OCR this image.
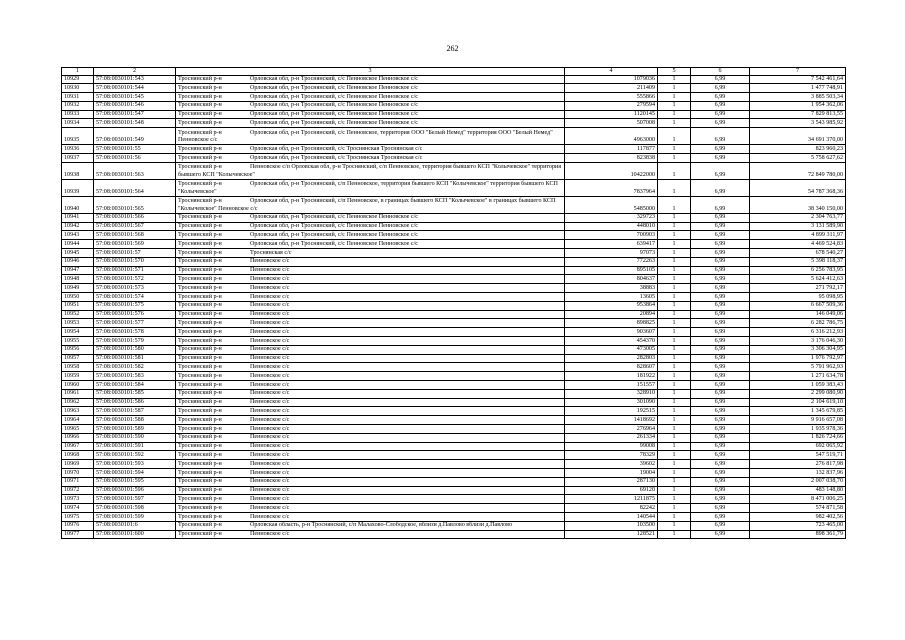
262
1	2	3	4	5	6	7
10929	57:08:0030101:543	Троснянский р-н Орловская обл, р-н Троснянский, с/с Пенновское Пенновское с/с	1079036	1	6,99	7 542 461,64
10930	57:08:0030101:544	Троснянский р-н Орловская обл, р-н Троснянский, с/с Пенновское Пенновское с/с	211409	1	6,99	1 477 748,91
10931	57:08:0030101:545	Троснянский р-н Орловская обл, р-н Троснянский, с/с Пенновское Пенновское с/с	555866	1	6,99	3 885 503,34
10932	57:08:0030101:546	Троснянский р-н Орловская обл, р-н Троснянский, с/с Пенновское Пенновское с/с	279594	1	6,99	1 954 362,06
10933	57:08:0030101:547	Троснянский р-н Орловская обл, р-н Троснянский, с/с Пенновское Пенновское с/с	1120145	1	6,99	7 829 813,55
10934	57:08:0030101:548	Троснянский р-н Орловская обл, р-н Троснянский, с/с Пенновское Пенновское с/с	507008	1	6,99	3 543 985,92
10935	57:08:0030101:549	Троснянский р-н Орловская обл, р-н Троснянский, с/с Пенновское, территория ООО "Белый Немед" территория ООО "Белый Немед" Пенновское с/с	4963000	1	6,99	34 691 370,00
10936	57:08:0030101:55	Троснянский р-н Орловская обл, р-н Троснянский, с/с Троснянская Троснянская с/с	117877	1	6,99	823 960,23
10937	57:08:0030101:56	Троснянский р-н Орловская обл, р-н Троснянский, с/с Троснянская Троснянская с/с	823838	1	6,99	5 758 627,62
10938	57:08:0030101:563	Троснянский р-н Пенновское с/п Орловская обл, р-н Троснянский, с/п Пенновское, территория бывшего КСП "Колычевское" территория бывшего КСП "Колычевское"	10422000	1	6,99	72 849 780,00
10939	57:08:0030101:564	Троснянский р-н Орловская обл, р-н Троснянский, с/п Пенновское, территория бывшего КСП "Колычевское" территория бывшего КСП "Колычевское"	7837964	1	6,99	54 787 368,36
10940	57:08:0030101:565	Троснянский р-н Орловская обл, р-н Троснянский, с/п Пенновское, в границах бывшего КСП "Колычевское" в границах бывшего КСП "Колычевское" Пенновское с/с	5485000	1	6,99	38 340 150,00
10941	57:08:0030101:566	Троснянский р-н Орловская обл, р-н Троснянский, с/с Пенновское Пенновское с/с	329723	1	6,99	2 304 763,77
10942	57:08:0030101:567	Троснянский р-н Орловская обл, р-н Троснянский, с/с Пенновское Пенновское с/с	448010	1	6,99	3 131 589,90
10943	57:08:0030101:568	Троснянский р-н Орловская обл, р-н Троснянский, с/с Пенновское Пенновское с/с	700903	1	6,99	4 899 311,97
10944	57:08:0030101:569	Троснянский р-н Орловская обл, р-н Троснянский, с/с Пенновское Пенновское с/с	639417	1	6,99	4 469 524,83
10945	57:08:0030101:57	Троснянский р-н Троснянская с/с	97073	1	6,99	678 540,27
10946	57:08:0030101:570	Троснянский р-н Пенновское с/с	772263	1	6,99	5 398 118,37
10947	57:08:0030101:571	Троснянский р-н Пенновское с/с	895105	1	6,99	6 256 783,95
10948	57:08:0030101:572	Троснянский р-н Пенновское с/с	804637	1	6,99	5 624 412,63
10949	57:08:0030101:573	Троснянский р-н Пенновское с/с	38883	1	6,99	271 792,17
10950	57:08:0030101:574	Троснянский р-н Пенновское с/с	13605	1	6,99	95 098,95
10951	57:08:0030101:575	Троснянский р-н Пенновское с/с	953864	1	6,99	6 667 509,36
10952	57:08:0030101:576	Троснянский р-н Пенновское с/с	20894	1	6,99	146 049,06
10953	57:08:0030101:577	Троснянский р-н Пенновское с/с	898825	1	6,99	6 282 786,75
10954	57:08:0030101:578	Троснянский р-н Пенновское с/с	903607	1	6,99	6 316 212,93
10955	57:08:0030101:579	Троснянский р-н Пенновское с/с	454370	1	6,99	3 176 046,30
10956	57:08:0030101:580	Троснянский р-н Пенновское с/с	473005	1	6,99	3 306 304,95
10957	57:08:0030101:581	Троснянский р-н Пенновское с/с	282803	1	6,99	1 976 792,97
10958	57:08:0030101:582	Троснянский р-н Пенновское с/с	828607	1	6,99	5 791 962,93
10959	57:08:0030101:583	Троснянский р-н Пенновское с/с	181922	1	6,99	1 271 634,78
10960	57:08:0030101:584	Троснянский р-н Пенновское с/с	151557	1	6,99	1 059 383,43
10961	57:08:0030101:585	Троснянский р-н Пенновское с/с	328910	1	6,99	2 299 080,90
10962	57:08:0030101:586	Троснянский р-н Пенновское с/с	301090	1	6,99	2 104 619,10
10963	57:08:0030101:587	Троснянский р-н Пенновское с/с	192515	1	6,99	1 345 679,85
10964	57:08:0030101:588	Троснянский р-н Пенновское с/с	1418692	1	6,99	9 916 657,08
10965	57:08:0030101:589	Троснянский р-н Пенновское с/с	276964	1	6,99	1 935 978,36
10966	57:08:0030101:590	Троснянский р-н Пенновское с/с	261334	1	6,99	1 826 724,66
10967	57:08:0030101:591	Троснянский р-н Пенновское с/с	99008	1	6,99	692 065,92
10968	57:08:0030101:592	Троснянский р-н Пенновское с/с	78329	1	6,99	547 519,71
10969	57:08:0030101:593	Троснянский р-н Пенновское с/с	39602	1	6,99	276 817,98
10970	57:08:0030101:594	Троснянский р-н Пенновское с/с	19004	1	6,99	132 837,96
10971	57:08:0030101:595	Троснянский р-н Пенновское с/с	287130	1	6,99	2 007 038,70
10972	57:08:0030101:596	Троснянский р-н Пенновское с/с	69120	1	6,99	483 148,80
10973	57:08:0030101:597	Троснянский р-н Пенновское с/с	1211875	1	6,99	8 471 006,25
10974	57:08:0030101:598	Троснянский р-н Пенновское с/с	82242	1	6,99	574 871,58
10975	57:08:0030101:599	Троснянский р-н Пенновское с/с	140544	1	6,99	982 402,56
10976	57:08:0030101:6	Троснянский р-н Орловская область, р-н Троснянский, с/п Малахово-Слободское, вблизи д.Павлово вблизи д.Павлово	103500	1	6,99	723 465,00
10977	57:08:0030101:600	Троснянский р-н Пенновское с/с	128521	1	6,99	898 361,79
